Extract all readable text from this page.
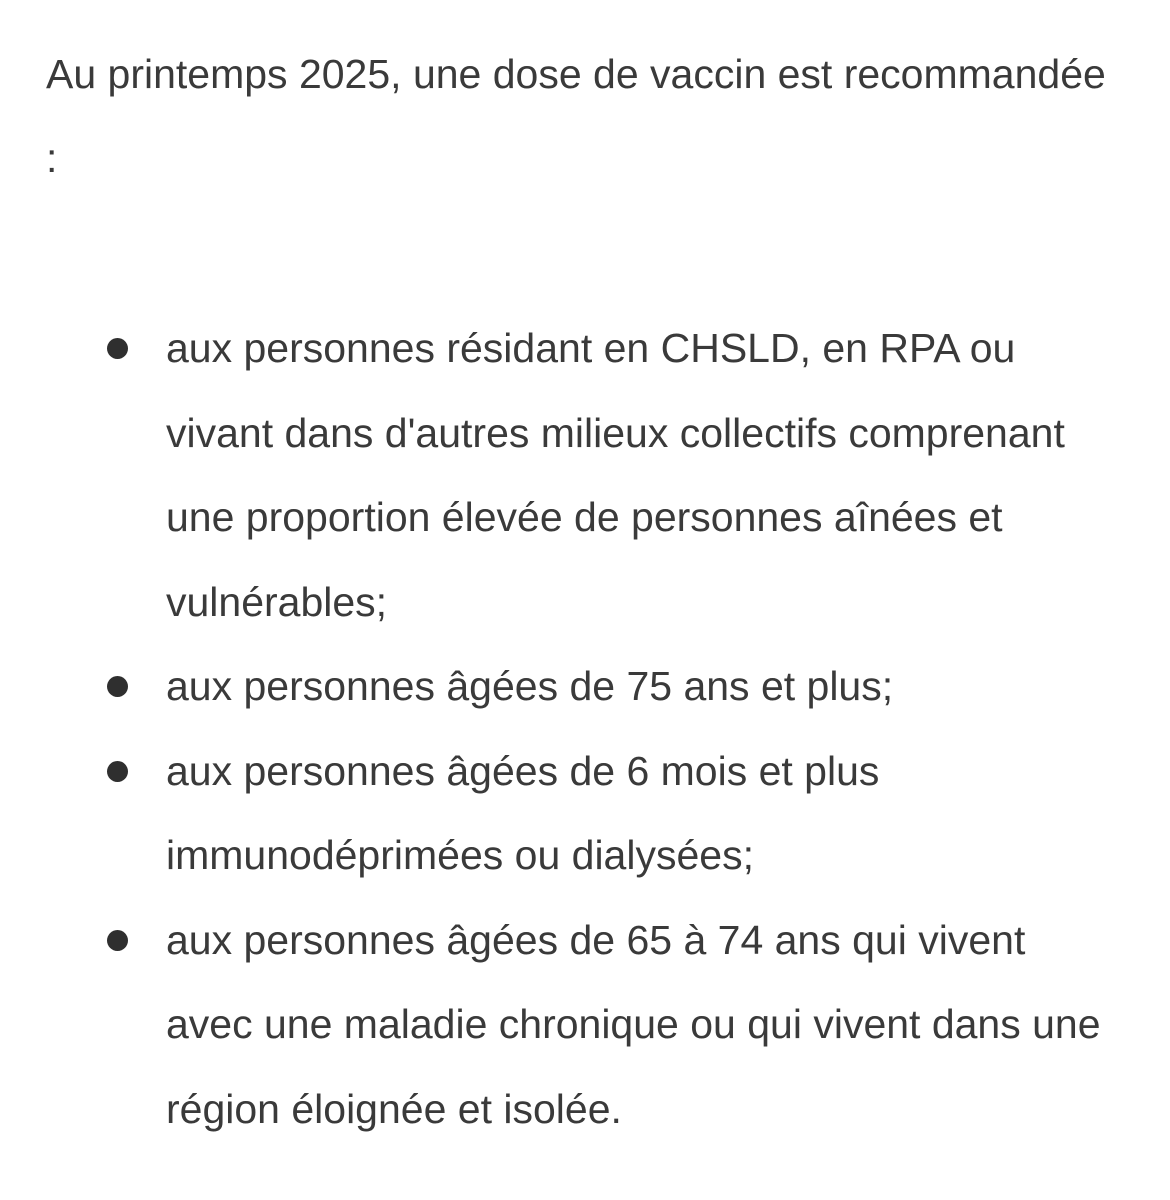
Au printemps 2025, une dose de vaccin est recommandée :

aux personnes résidant en CHSLD, en RPA ou vivant dans d'autres milieux collectifs comprenant une proportion élevée de personnes aînées et vulnérables;
aux personnes âgées de 75 ans et plus;
aux personnes âgées de 6 mois et plus immunodéprimées ou dialysées;
aux personnes âgées de 65 à 74 ans qui vivent avec une maladie chronique ou qui vivent dans une région éloignée et isolée.
